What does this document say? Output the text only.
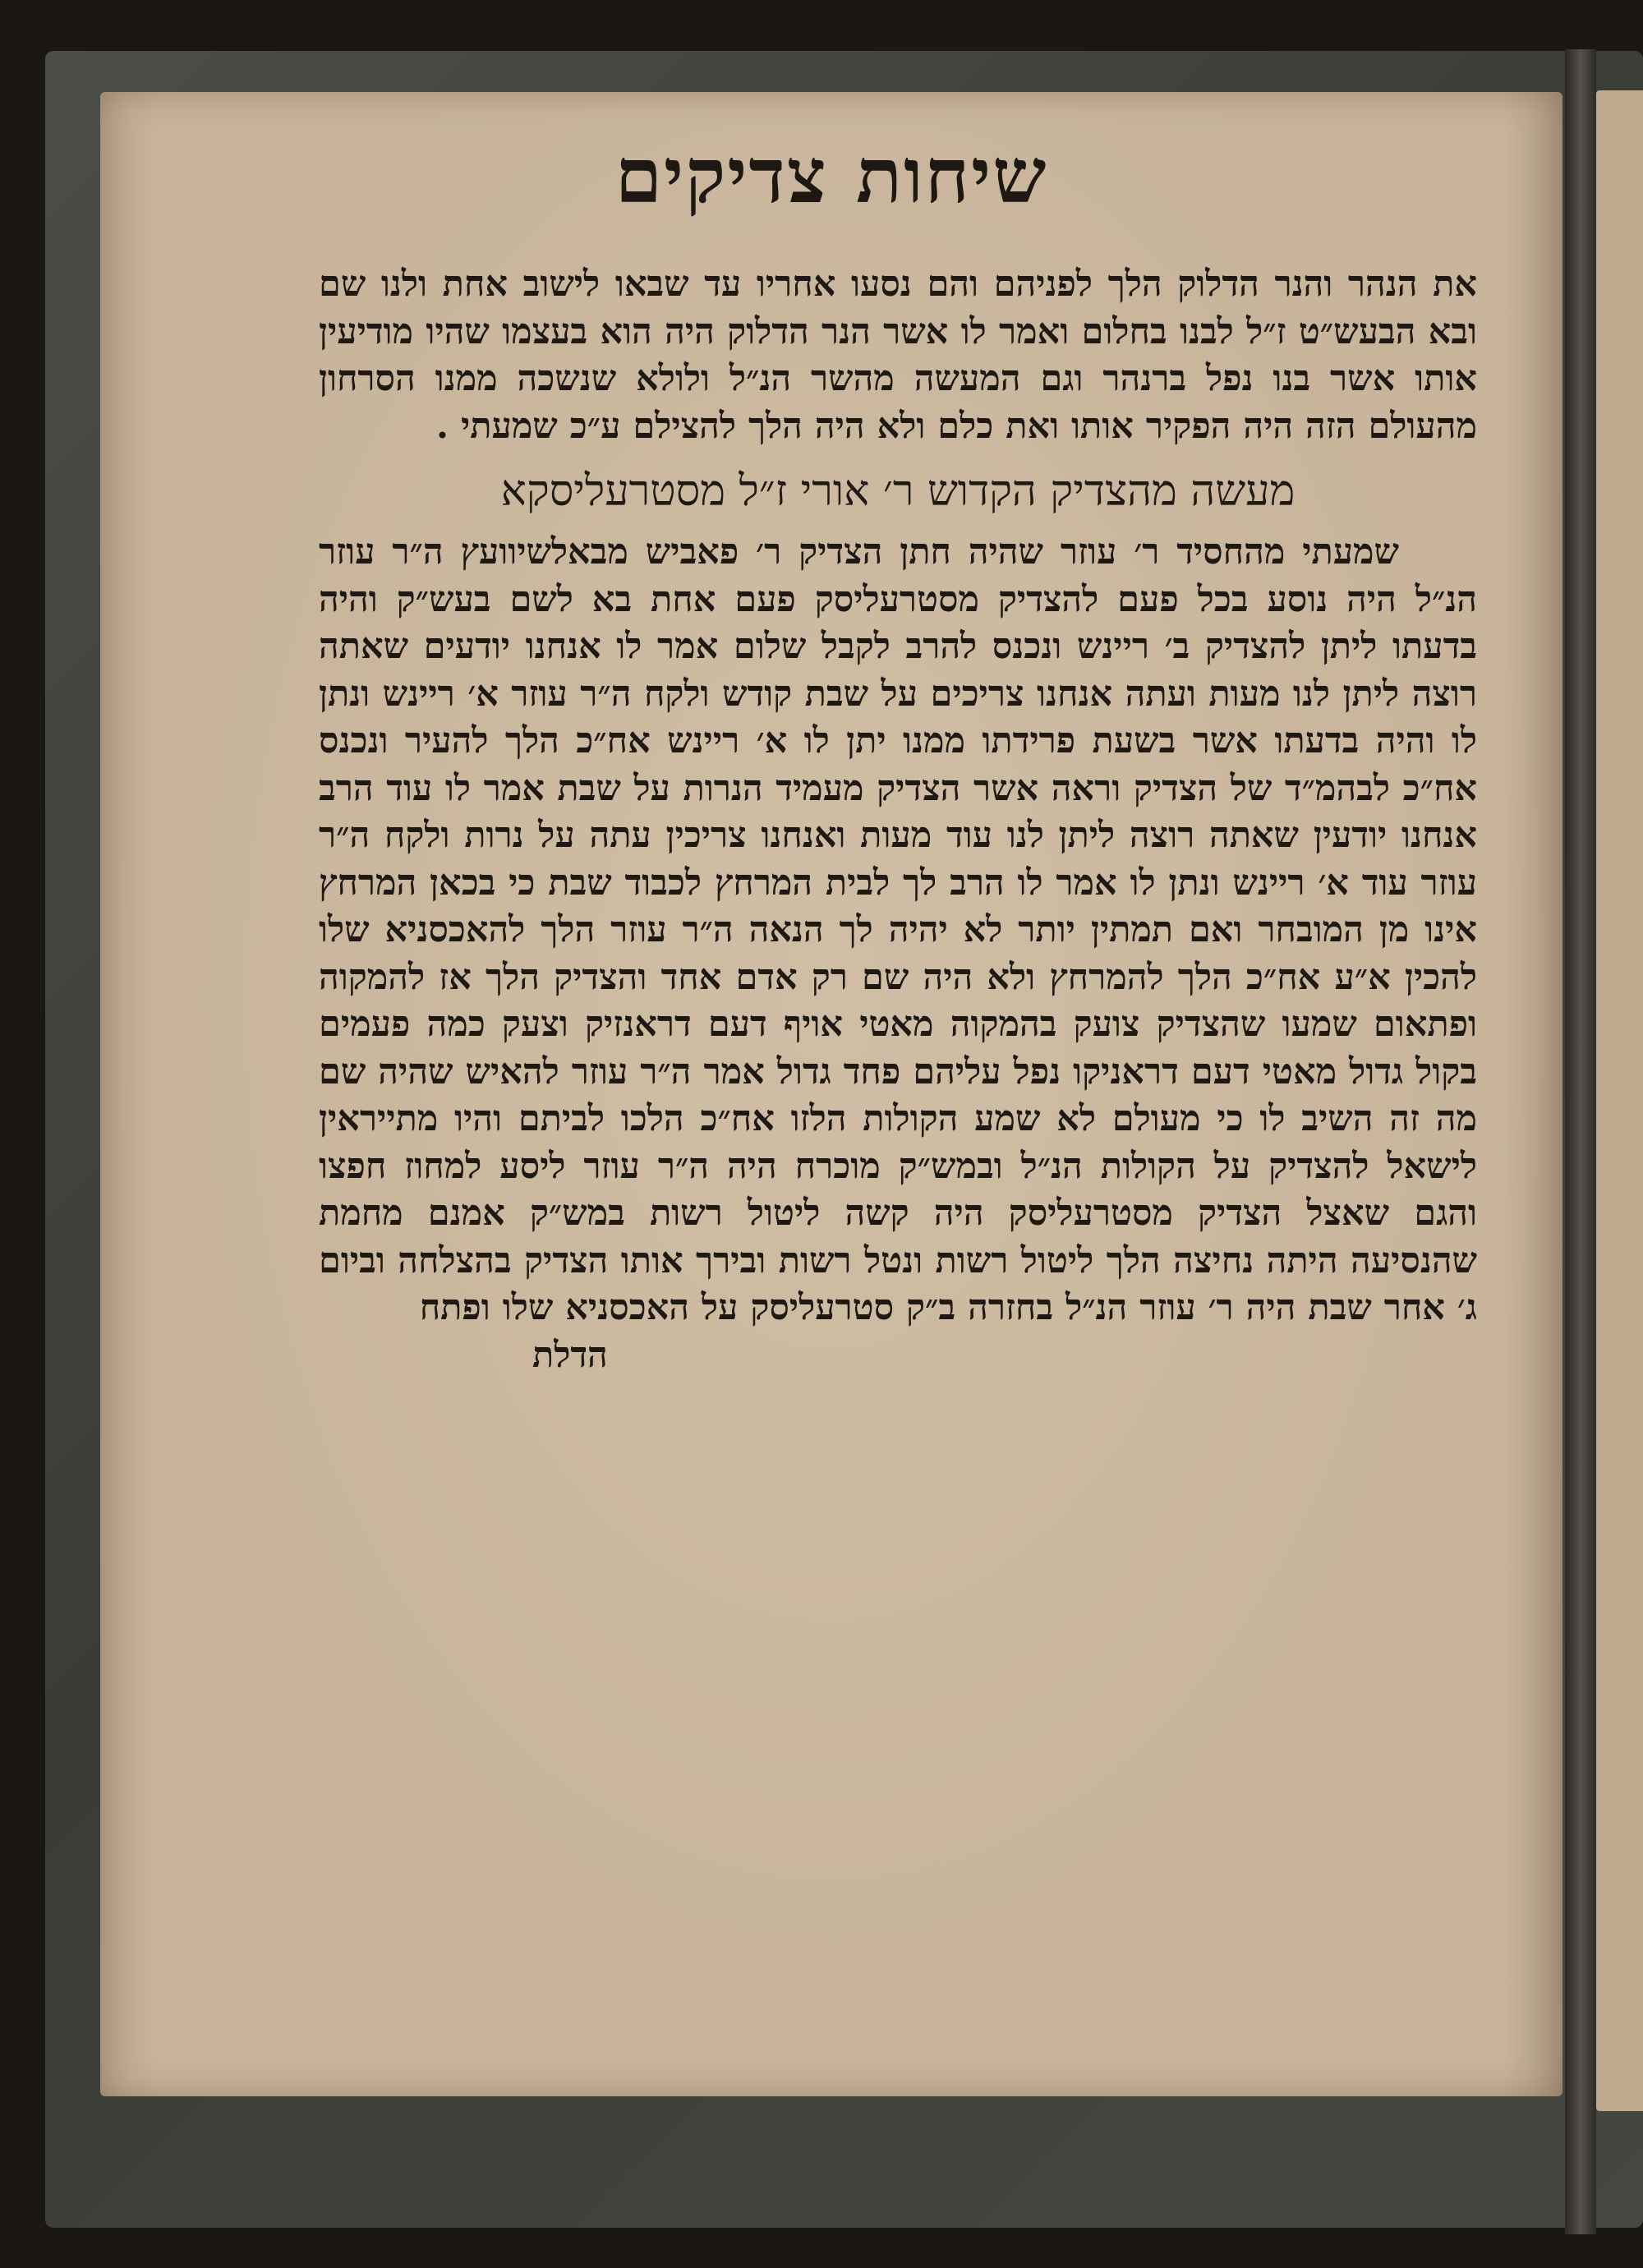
שיחות צדיקים

את הנהר והנר הדלוק הלך לפניהם והם נסעו אחריו עד שבאו לישוב אחת ולנו שם ובא הבעש״ט ז״ל לבנו בחלום ואמר לו אשר הנר הדלוק היה הוא בעצמו שהיו מודיעין אותו אשר בנו נפל ברנהר וגם המעשה מהשר הנ״ל ולולא שנשכה ממנו הסרחון מהעולם הזה היה הפקיר אותו ואת כלם ולא היה הלך להצילם ע״כ שמעתי .

מעשה מהצדיק הקדוש ר׳ אורי ז״ל מסטרעליסקא

שמעתי מהחסיד ר׳ עוזר שהיה חתן הצדיק ר׳ פאביש מבאלשיוועץ ה״ר עוזר הנ״ל היה נוסע בכל פעם להצדיק מסטרעליסק פעם אחת בא לשם בעש״ק והיה בדעתו ליתן להצדיק ב׳ ריינש ונכנס להרב לקבל שלום אמר לו אנחנו יודעים שאתה רוצה ליתן לנו מעות ועתה אנחנו צריכים על שבת קודש ולקח ה״ר עוזר א׳ ריינש ונתן לו והיה בדעתו אשר בשעת פרידתו ממנו יתן לו א׳ ריינש אח״כ הלך להעיר ונכנס אח״כ לבהמ״ד של הצדיק וראה אשר הצדיק מעמיד הנרות על שבת אמר לו עוד הרב אנחנו יודעין שאתה רוצה ליתן לנו עוד מעות ואנחנו צריכין עתה על נרות ולקח ה״ר עוזר עוד א׳ ריינש ונתן לו אמר לו הרב לך לבית המרחץ לכבוד שבת כי בכאן המרחץ אינו מן המובחר ואם תמתין יותר לא יהיה לך הנאה ה״ר עוזר הלך להאכסניא שלו להכין א״ע אח״כ הלך להמרחץ ולא היה שם רק אדם אחד והצדיק הלך אז להמקוה ופתאום שמעו שהצדיק צועק בהמקוה מאטי אויף דעם דראנזיק וצעק כמה פעמים בקול גדול מאטי דעם דראניקו נפל עליהם פחד גדול אמר ה״ר עוזר להאיש שהיה שם מה זה השיב לו כי מעולם לא שמע הקולות הלזו אח״כ הלכו לביתם והיו מתייראין לישאל להצדיק על הקולות הנ״ל ובמש״ק מוכרח היה ה״ר עוזר ליסע למחוז חפצו והגם שאצל הצדיק מסטרעליסק היה קשה ליטול רשות במש״ק אמנם מחמת שהנסיעה היתה נחיצה הלך ליטול רשות ונטל רשות ובירך אותו הצדיק בהצלחה וביום ג׳ אחר שבת היה ר׳ עוזר הנ״ל בחזרה ב״ק סטרעליסק על האכסניא שלו ופתח

הדלת
